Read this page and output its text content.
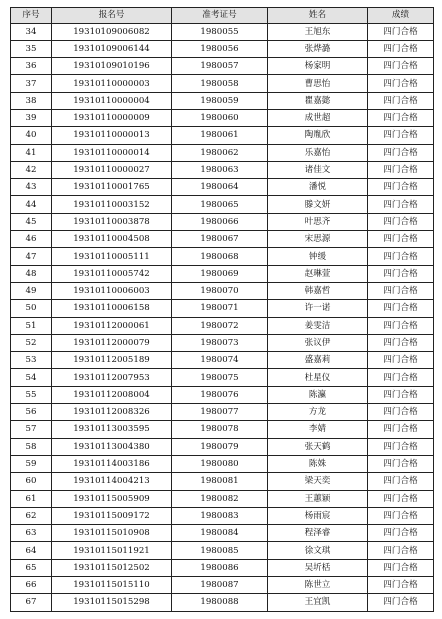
序号	报名号	准考证号	姓名	成绩
34	19310109006082	1980055	王旭东	四门合格
35	19310109006144	1980056	张烨潞	四门合格
36	19310109010196	1980057	杨家明	四门合格
37	19310110000003	1980058	曹思怡	四门合格
38	19310110000004	1980059	瞿嘉懿	四门合格
39	19310110000009	1980060	成世超	四门合格
40	19310110000013	1980061	陶胤欣	四门合格
41	19310110000014	1980062	乐嘉怡	四门合格
42	19310110000027	1980063	诸佳文	四门合格
43	19310110001765	1980064	潘悦	四门合格
44	19310110003152	1980065	滕文妍	四门合格
45	19310110003878	1980066	叶思齐	四门合格
46	19310110004508	1980067	宋思源	四门合格
47	19310110005111	1980068	钟缓	四门合格
48	19310110005742	1980069	赵琳萱	四门合格
49	19310110006003	1980070	韩嘉哲	四门合格
50	19310110006158	1980071	许一诺	四门合格
51	19310112000061	1980072	姜雯洁	四门合格
52	19310112000079	1980073	张议伊	四门合格
53	19310112005189	1980074	盛嘉莉	四门合格
54	19310112007953	1980075	杜星仪	四门合格
55	19310112008004	1980076	陈瀛	四门合格
56	19310112008326	1980077	方龙	四门合格
57	19310113003595	1980078	李婧	四门合格
58	19310113004380	1980079	张天鹤	四门合格
59	19310114003186	1980080	陈姝	四门合格
60	19310114004213	1980081	梁天奕	四门合格
61	19310115005909	1980082	王蕙颖	四门合格
62	19310115009172	1980083	杨雨宸	四门合格
63	19310115010908	1980084	程泽睿	四门合格
64	19310115011921	1980085	徐文琪	四门合格
65	19310115012502	1980086	吴圻栝	四门合格
66	19310115015110	1980087	陈世立	四门合格
67	19310115015298	1980088	王宜凯	四门合格
